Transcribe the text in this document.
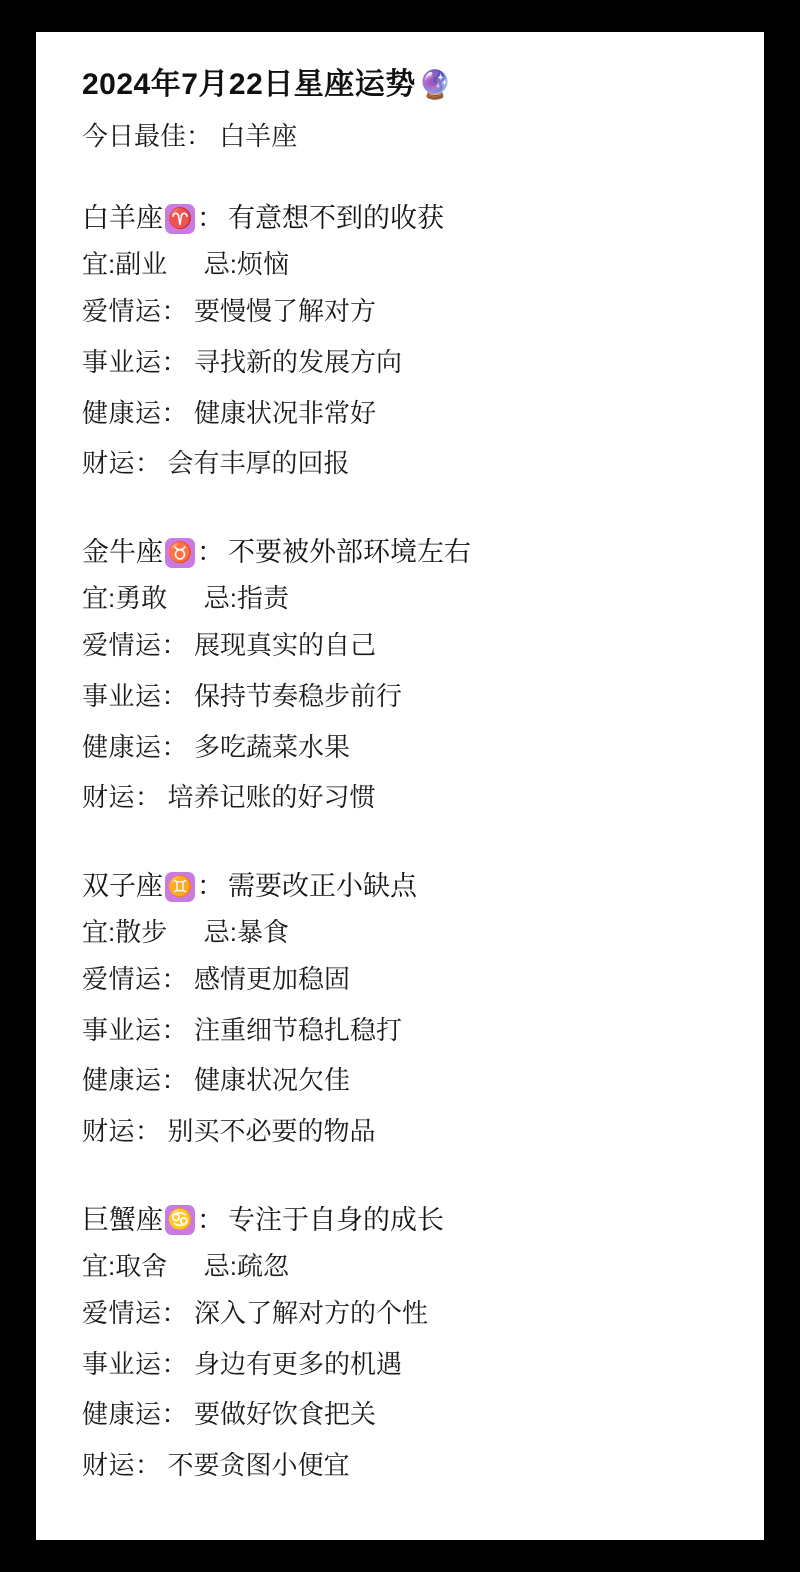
2024年7月22日星座运势 🔮
今日最佳： 白羊座
白羊座 ♈ ： 有意想不到的收获
宜:副业 忌:烦恼
爱情运： 要慢慢了解对方
事业运： 寻找新的发展方向
健康运： 健康状况非常好
财运： 会有丰厚的回报
金牛座 ♉ ： 不要被外部环境左右
宜:勇敢 忌:指责
爱情运： 展现真实的自己
事业运： 保持节奏稳步前行
健康运： 多吃蔬菜水果
财运： 培养记账的好习惯
双子座 ♊ ： 需要改正小缺点
宜:散步 忌:暴食
爱情运： 感情更加稳固
事业运： 注重细节稳扎稳打
健康运： 健康状况欠佳
财运： 别买不必要的物品
巨蟹座 ♋ ： 专注于自身的成长
宜:取舍 忌:疏忽
爱情运： 深入了解对方的个性
事业运： 身边有更多的机遇
健康运： 要做好饮食把关
财运： 不要贪图小便宜
